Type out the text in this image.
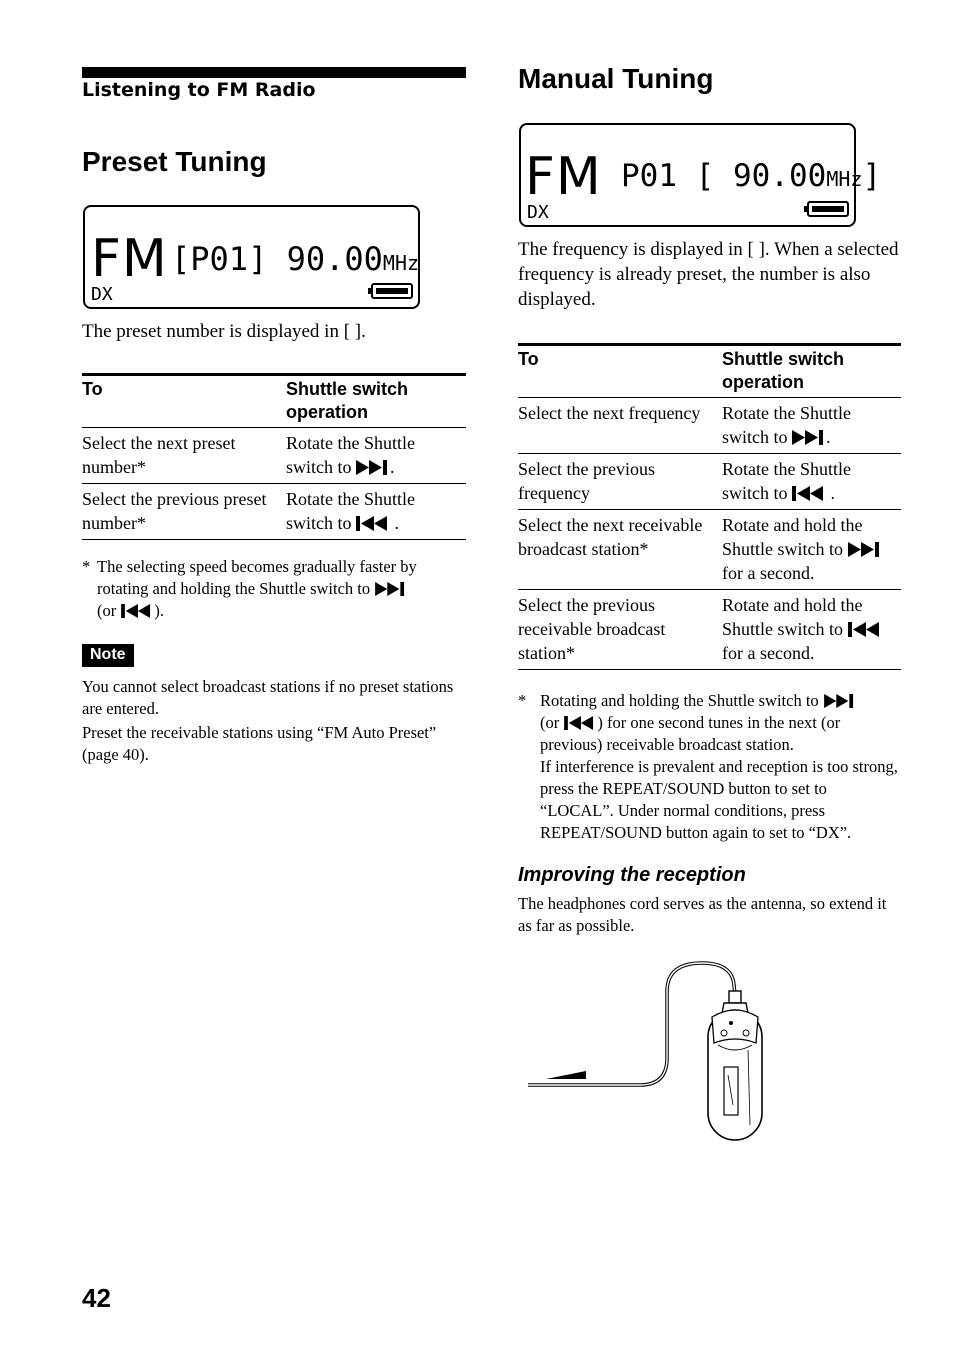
Listening to FM Radio
Preset Tuning
FM [P01] 90.00MHz
DX
The preset number is displayed in [ ].
To	Shuttle switch operation
Select the next preset number*	Rotate the Shuttle switch to .
Select the previous preset number*	Rotate the Shuttle switch to .
* The selecting speed becomes gradually faster by rotating and holding the Shuttle switch to
(or ).
Note
You cannot select broadcast stations if no preset stations are entered.
Preset the receivable stations using “FM Auto Preset” (page 40).
Manual Tuning
FM P01 [ 90.00MHz]
DX
The frequency is displayed in [ ]. When a selected frequency is already preset, the number is also displayed.
To	Shuttle switch operation
Select the next frequency	Rotate the Shuttle switch to .
Select the previous frequency	Rotate the Shuttle switch to .
Select the next receivable broadcast station*	Rotate and hold the Shuttle switch to
for a second.
Select the previous receivable broadcast station*	Rotate and hold the Shuttle switch to
for a second.
* Rotating and holding the Shuttle switch to
(or ) for one second tunes in the next (or previous) receivable broadcast station.
If interference is prevalent and reception is too strong, press the REPEAT/SOUND button to set to “LOCAL”. Under normal conditions, press REPEAT/SOUND button again to set to “DX”.
Improving the reception
The headphones cord serves as the antenna, so extend it as far as possible.
42
